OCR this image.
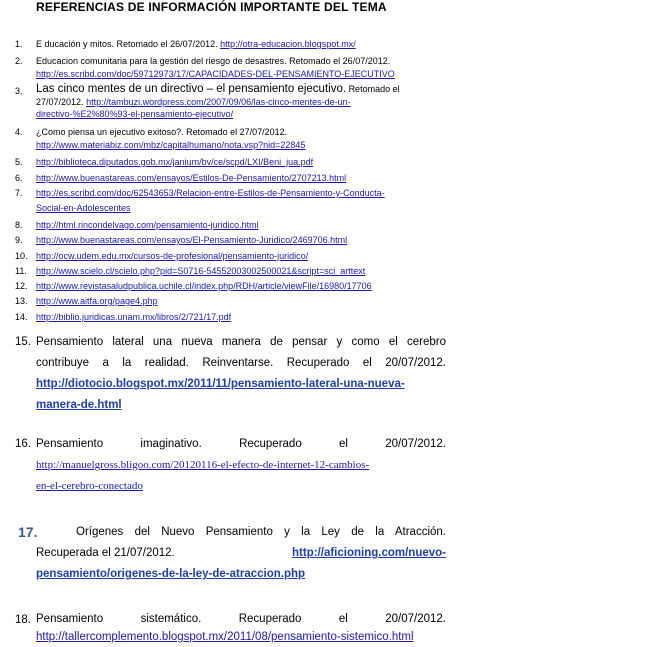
REFERENCIAS DE INFORMACIÓN IMPORTANTE DEL TEMA
1.	E ducación y mitos. Retomado el 26/07/2012. http://otra-educacion.blogspot.mx/
2.	Educacion comunitaria para la gestión del riesgo de desastres. Retomado el 26/07/2012.
http://es.scribd.com/doc/59712973/17/CAPACIDADES-DEL-PENSAMIENTO-EJECUTIVO
3.	Las cinco mentes de un directivo – el pensamiento ejecutivo. Retomado el
27/07/2012. http://tambuzi.wordpress.com/2007/09/06/las-cinco-mentes-de-un-
directivo-%E2%80%93-el-pensamiento-ejecutivo/
4.	¿Como piensa un ejecutivo exitoso?. Retomado el 27/07/2012.
http://www.materiabiz.com/mbz/capitalhumano/nota.vsp?nid=22845
5.	http://biblioteca.diputados.gob.mx/janium/bv/ce/scpd/LXI/Beni_jua.pdf
6.	http://www.buenastareas.com/ensayos/Estilos-De-Pensamiento/2707213.html
7.	http://es.scribd.com/doc/62543653/Relacion-entre-Estilos-de-Pensamiento-y-Conducta-
Social-en-Adolescentes
8.	http://html.rincondelvago.com/pensamiento-juridico.html
9.	http://www.buenastareas.com/ensayos/El-Pensamiento-Juridico/2469706.html
10. http://ocw.udem.edu.mx/cursos-de-profesional/pensamiento-juridico/
11.	http://www.scielo.cl/scielo.php?pid=S0716-54552003002500021&script=sci_arttext
12. http://www.revistasaludpublica.uchile.cl/index.php/RDH/article/viewFile/16980/17706
13. http://www.aitfa.org/page4.php
14. http://biblio.juridicas.unam.mx/libros/2/721/17.pdf
15. Pensamiento lateral una nueva manera de pensar y como el cerebro
contribuye a la realidad. Reinventarse. Recuperado el 20/07/2012.
http://diotocio.blogspot.mx/2011/11/pensamiento-lateral-una-nueva-
manera-de.html
16. Pensamiento imaginativo. Recuperado el 20/07/2012.
http://manuelgross.bligoo.com/20120116-el-efecto-de-internet-12-cambios-
en-el-cerebro-conectado
17.	Orígenes del Nuevo Pensamiento y la Ley de la Atracción.
Recuperada el 21/07/2012.	http://aficioning.com/nuevo-
pensamiento/origenes-de-la-ley-de-atraccion.php
18. Pensamiento sistemático. Recuperado el 20/07/2012.
http://tallercomplemento.blogspot.mx/2011/08/pensamiento-sistemico.html
